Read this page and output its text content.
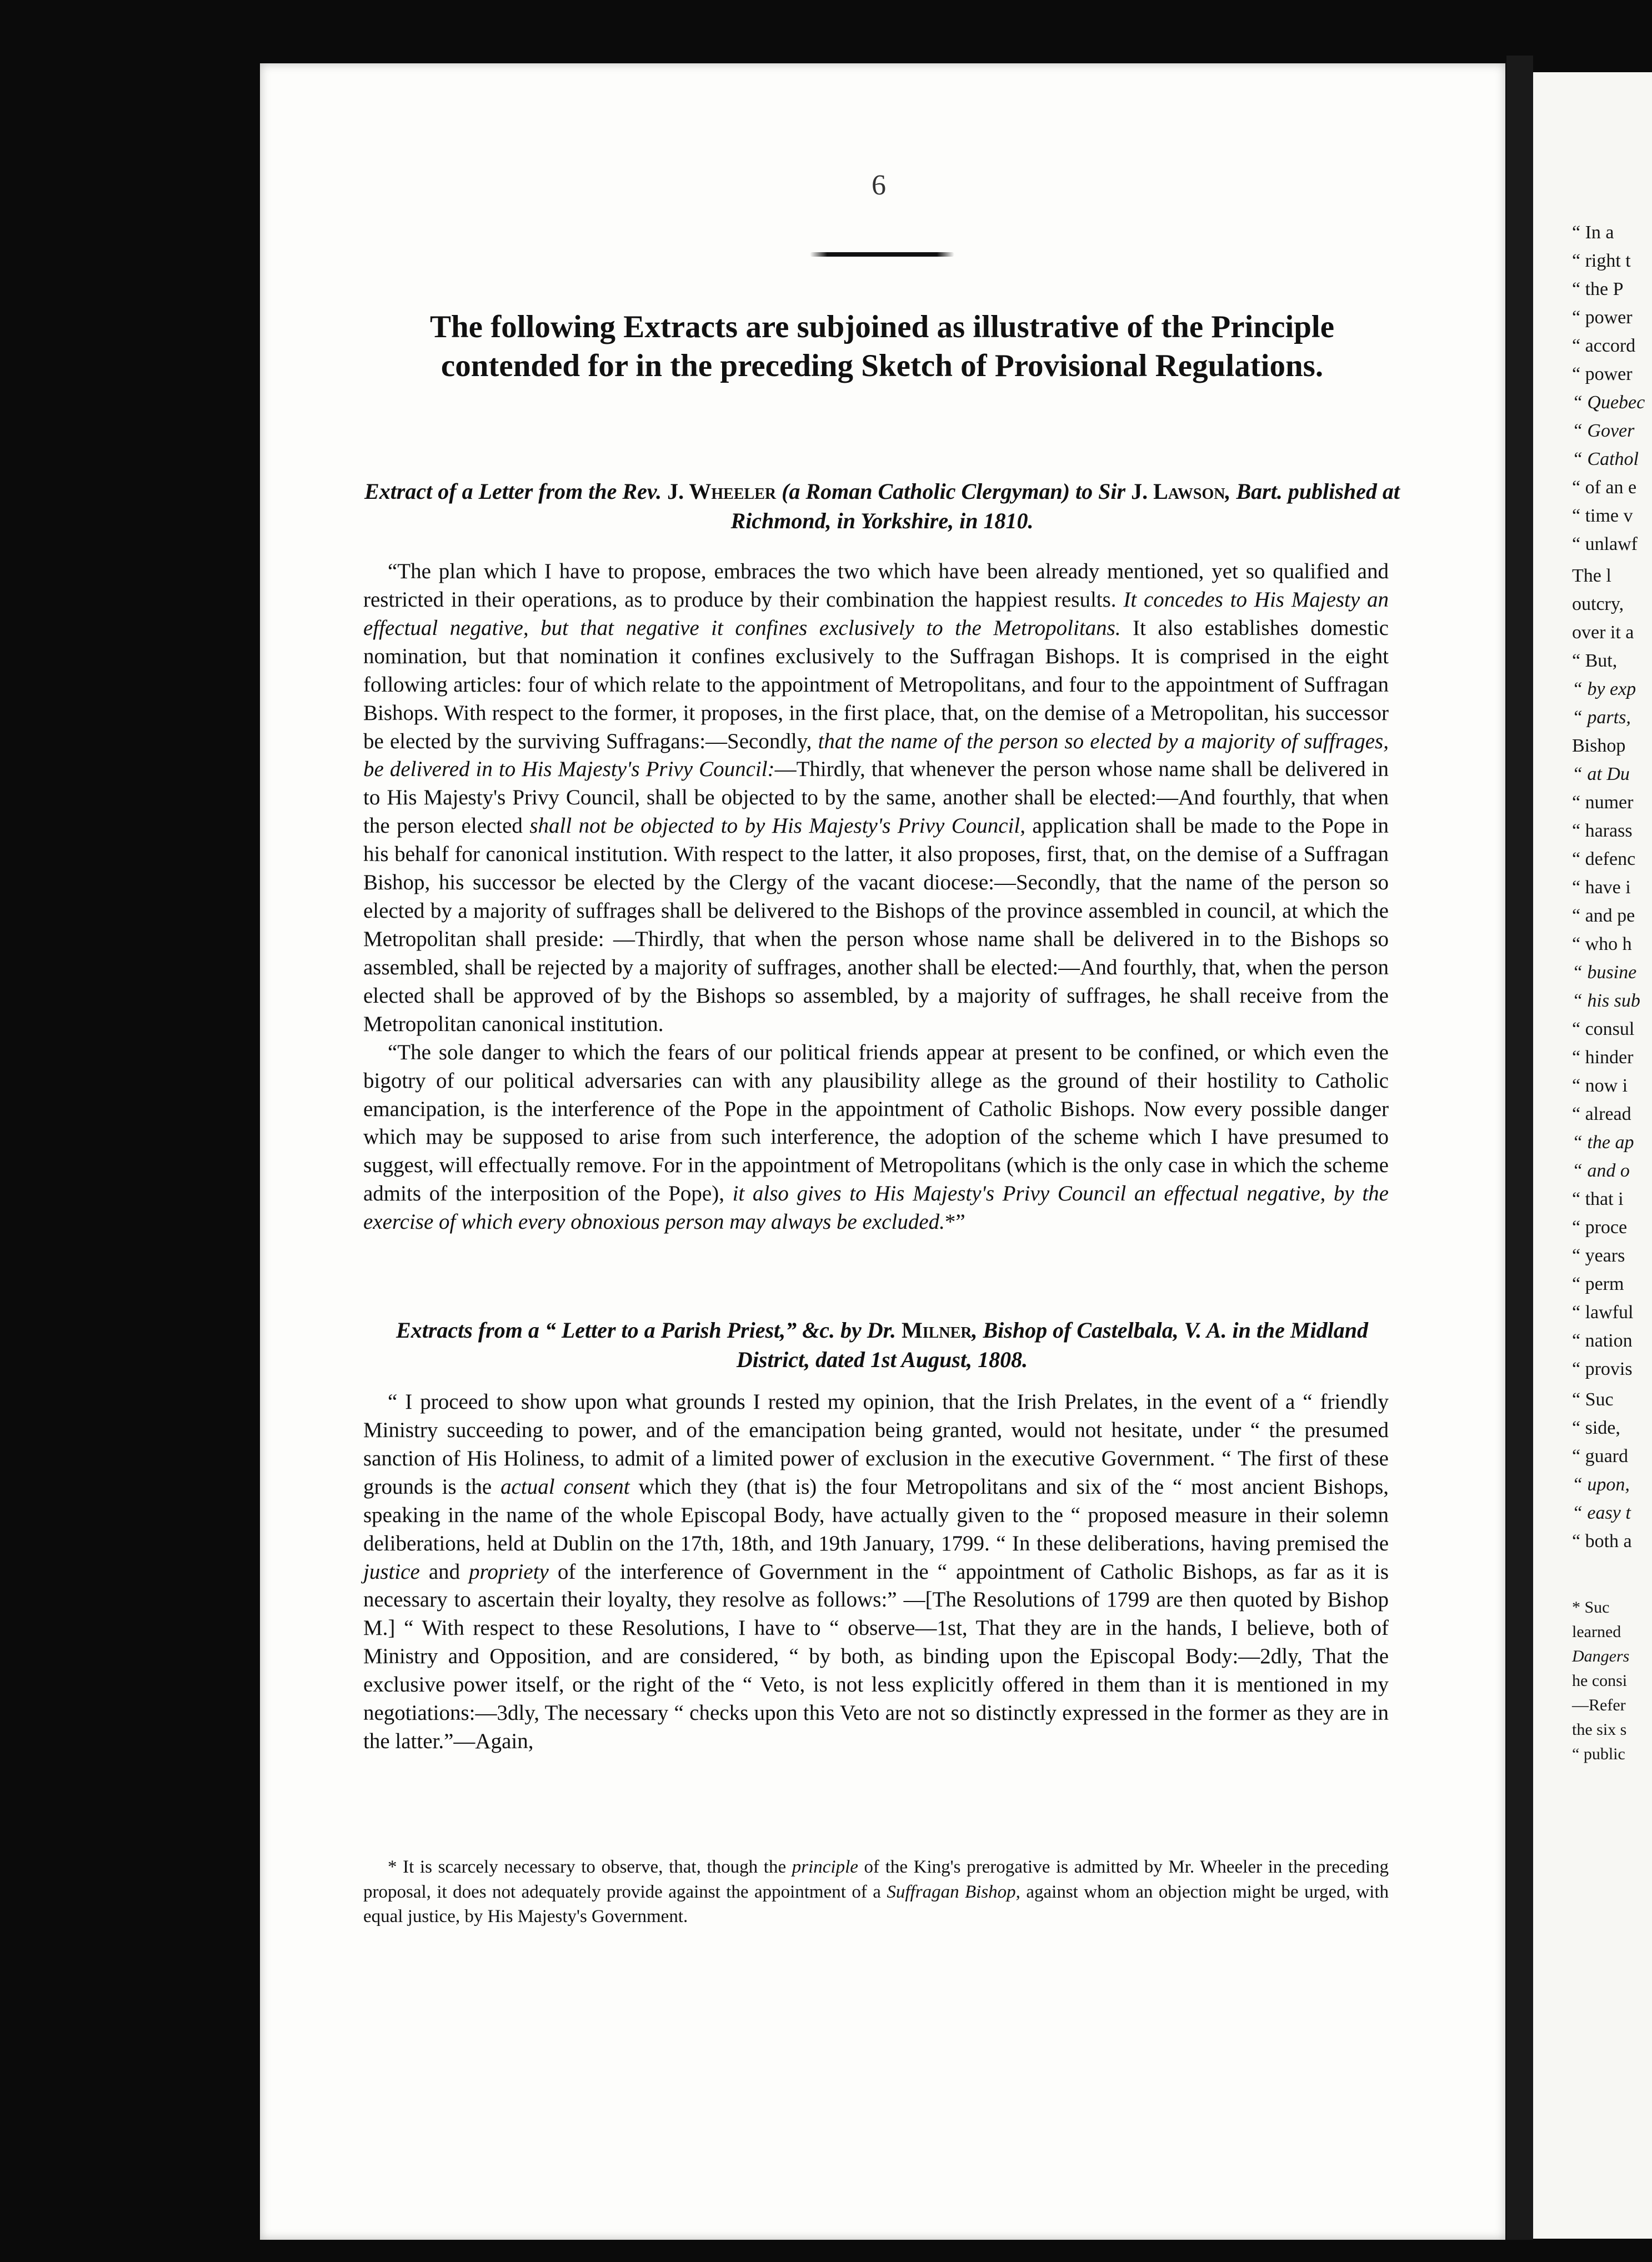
6
The following Extracts are subjoined as illustrative of the Principle contended for in the preceding Sketch of Provisional Regulations.
Extract of a Letter from the Rev. J. Wheeler (a Roman Catholic Clergyman) to Sir J. Lawson, Bart. published at Richmond, in Yorkshire, in 1810.

“The plan which I have to propose, embraces the two which have been already mentioned, yet so qualified and restricted in their operations, as to produce by their combination the happiest results. It concedes to His Majesty an effectual negative, but that negative it confines exclusively to the Metropolitans. It also establishes domestic nomination, but that nomination it confines exclusively to the Suffragan Bishops. It is comprised in the eight following articles: four of which relate to the appointment of Metropolitans, and four to the appointment of Suffragan Bishops. With respect to the former, it proposes, in the first place, that, on the demise of a Metropolitan, his successor be elected by the surviving Suffragans:—Secondly, that the name of the person so elected by a majority of suffrages, be delivered in to His Majesty's Privy Council:—Thirdly, that whenever the person whose name shall be delivered in to His Majesty's Privy Council, shall be objected to by the same, another shall be elected:—And fourthly, that when the person elected shall not be objected to by His Majesty's Privy Council, application shall be made to the Pope in his behalf for canonical institution. With respect to the latter, it also proposes, first, that, on the demise of a Suffragan Bishop, his successor be elected by the Clergy of the vacant diocese:—Secondly, that the name of the person so elected by a majority of suffrages shall be delivered to the Bishops of the province assembled in council, at which the Metropolitan shall preside: —Thirdly, that when the person whose name shall be delivered in to the Bishops so assembled, shall be rejected by a majority of suffrages, another shall be elected:—And fourthly, that, when the person elected shall be approved of by the Bishops so assembled, by a majority of suffrages, he shall receive from the Metropolitan canonical institution.

“The sole danger to which the fears of our political friends appear at present to be confined, or which even the bigotry of our political adversaries can with any plausibility allege as the ground of their hostility to Catholic emancipation, is the interference of the Pope in the appointment of Catholic Bishops. Now every possible danger which may be supposed to arise from such interference, the adoption of the scheme which I have presumed to suggest, will effectually remove. For in the appointment of Metropolitans (which is the only case in which the scheme admits of the interposition of the Pope), it also gives to His Majesty's Privy Council an effectual negative, by the exercise of which every obnoxious person may always be excluded.*”

Extracts from a “ Letter to a Parish Priest,” &c. by Dr. Milner, Bishop of Castelbala, V. A. in the Midland District, dated 1st August, 1808.

“ I proceed to show upon what grounds I rested my opinion, that the Irish Prelates, in the event of a “ friendly Ministry succeeding to power, and of the emancipation being granted, would not hesitate, under “ the presumed sanction of His Holiness, to admit of a limited power of exclusion in the executive Government. “ The first of these grounds is the actual consent which they (that is) the four Metropolitans and six of the “ most ancient Bishops, speaking in the name of the whole Episcopal Body, have actually given to the “ proposed measure in their solemn deliberations, held at Dublin on the 17th, 18th, and 19th January, 1799. “ In these deliberations, having premised the justice and propriety of the interference of Government in the “ appointment of Catholic Bishops, as far as it is necessary to ascertain their loyalty, they resolve as follows:” —[The Resolutions of 1799 are then quoted by Bishop M.] “ With respect to these Resolutions, I have to “ observe—1st, That they are in the hands, I believe, both of Ministry and Opposition, and are considered, “ by both, as binding upon the Episcopal Body:—2dly, That the exclusive power itself, or the right of the “ Veto, is not less explicitly offered in them than it is mentioned in my negotiations:—3dly, The necessary “ checks upon this Veto are not so distinctly expressed in the former as they are in the latter.”—Again,

* It is scarcely necessary to observe, that, though the principle of the King's prerogative is admitted by Mr. Wheeler in the preceding proposal, it does not adequately provide against the appointment of a Suffragan Bishop, against whom an objection might be urged, with equal justice, by His Majesty's Government.

“ In a
“ right t
“ the P
“ power
“ accord
“ power
“ Quebec
“ Gover
“ Cathol
“ of an e
“ time v
“ unlawf
The l
outcry,
over it a
“ But,
“ by exp
“ parts,
Bishop
“ at Du
“ numer
“ harass
“ defenc
“ have i
“ and pe
“ who h
“ busine
“ his sub
“ consul
“ hinder
“ now i
“ alread
“ the ap
“ and o
“ that i
“ proce
“ years
“ perm
“ lawful
“ nation
“ provis
“ Suc
“ side,
“ guard
“ upon,
“ easy t
“ both a
* Suc
learned
Dangers
he consi
—Refer
the six s
“ public
